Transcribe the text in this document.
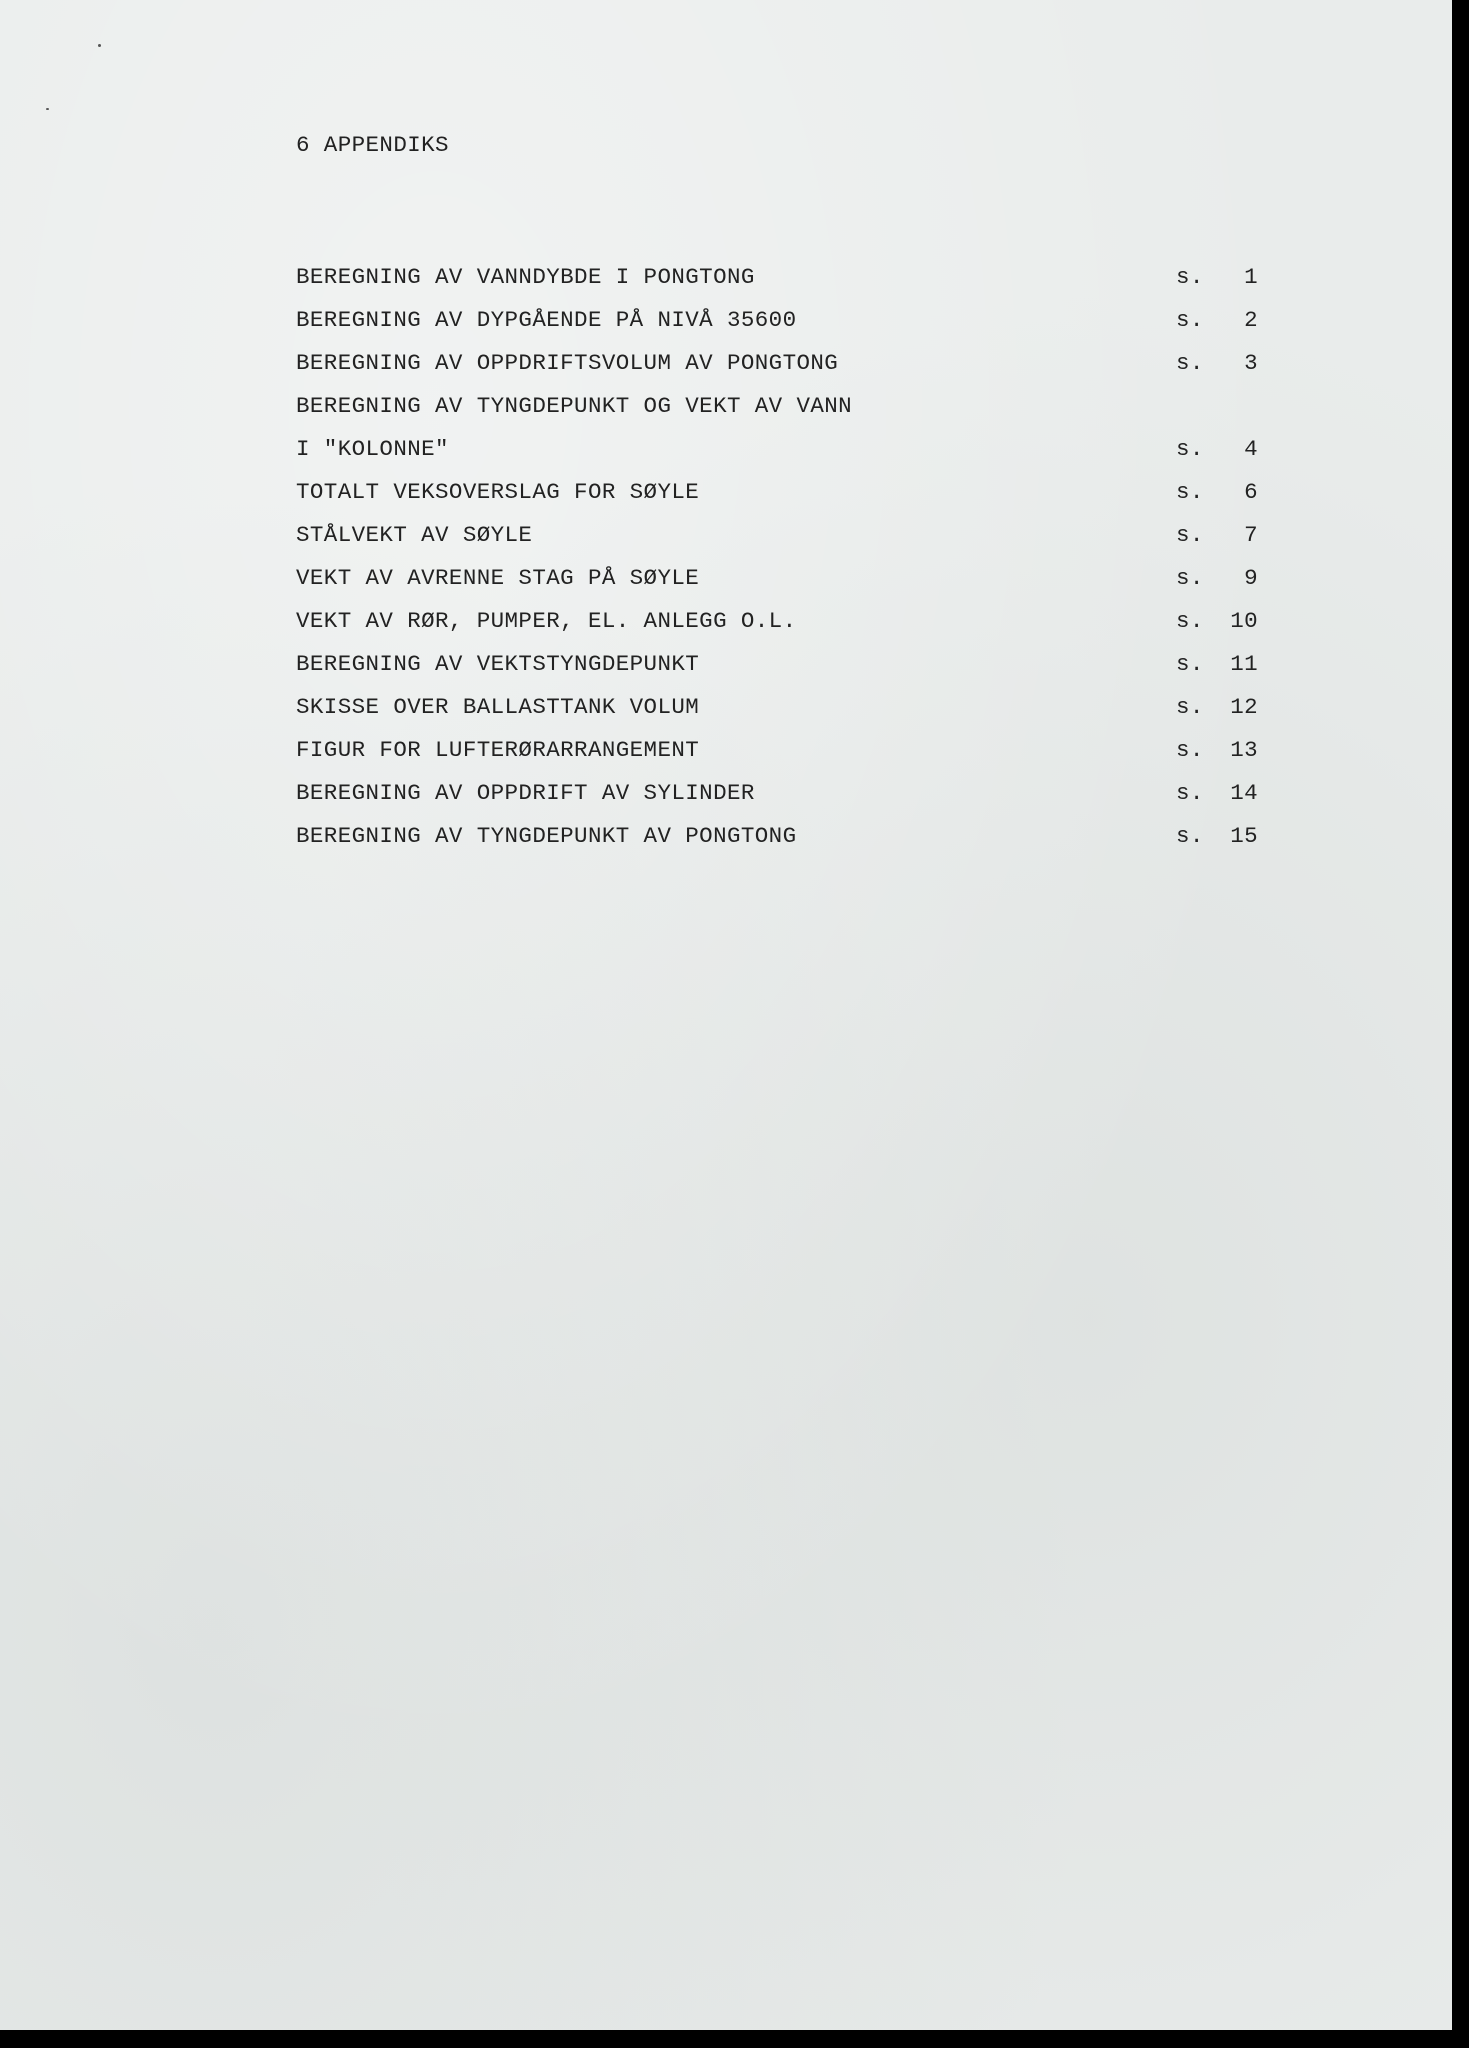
6 APPENDIKS
BEREGNING AV VANNDYBDE I PONGTONG	s.	1
BEREGNING AV DYPGÅENDE PÅ NIVÅ 35600	s.	2
BEREGNING AV OPPDRIFTSVOLUM AV PONGTONG	s.	3
BEREGNING AV TYNGDEPUNKT OG VEKT AV VANN
I "KOLONNE"	s.	4
TOTALT VEKSOVERSLAG FOR SØYLE	s.	6
STÅLVEKT AV SØYLE	s.	7
VEKT AV AVRENNE STAG PÅ SØYLE	s.	9
VEKT AV RØR, PUMPER, EL. ANLEGG O.L.	s.	10
BEREGNING AV VEKTSTYNGDEPUNKT	s.	11
SKISSE OVER BALLASTTANK VOLUM	s.	12
FIGUR FOR LUFTERØRARRANGEMENT	s.	13
BEREGNING AV OPPDRIFT AV SYLINDER	s.	14
BEREGNING AV TYNGDEPUNKT AV PONGTONG	s.	15
